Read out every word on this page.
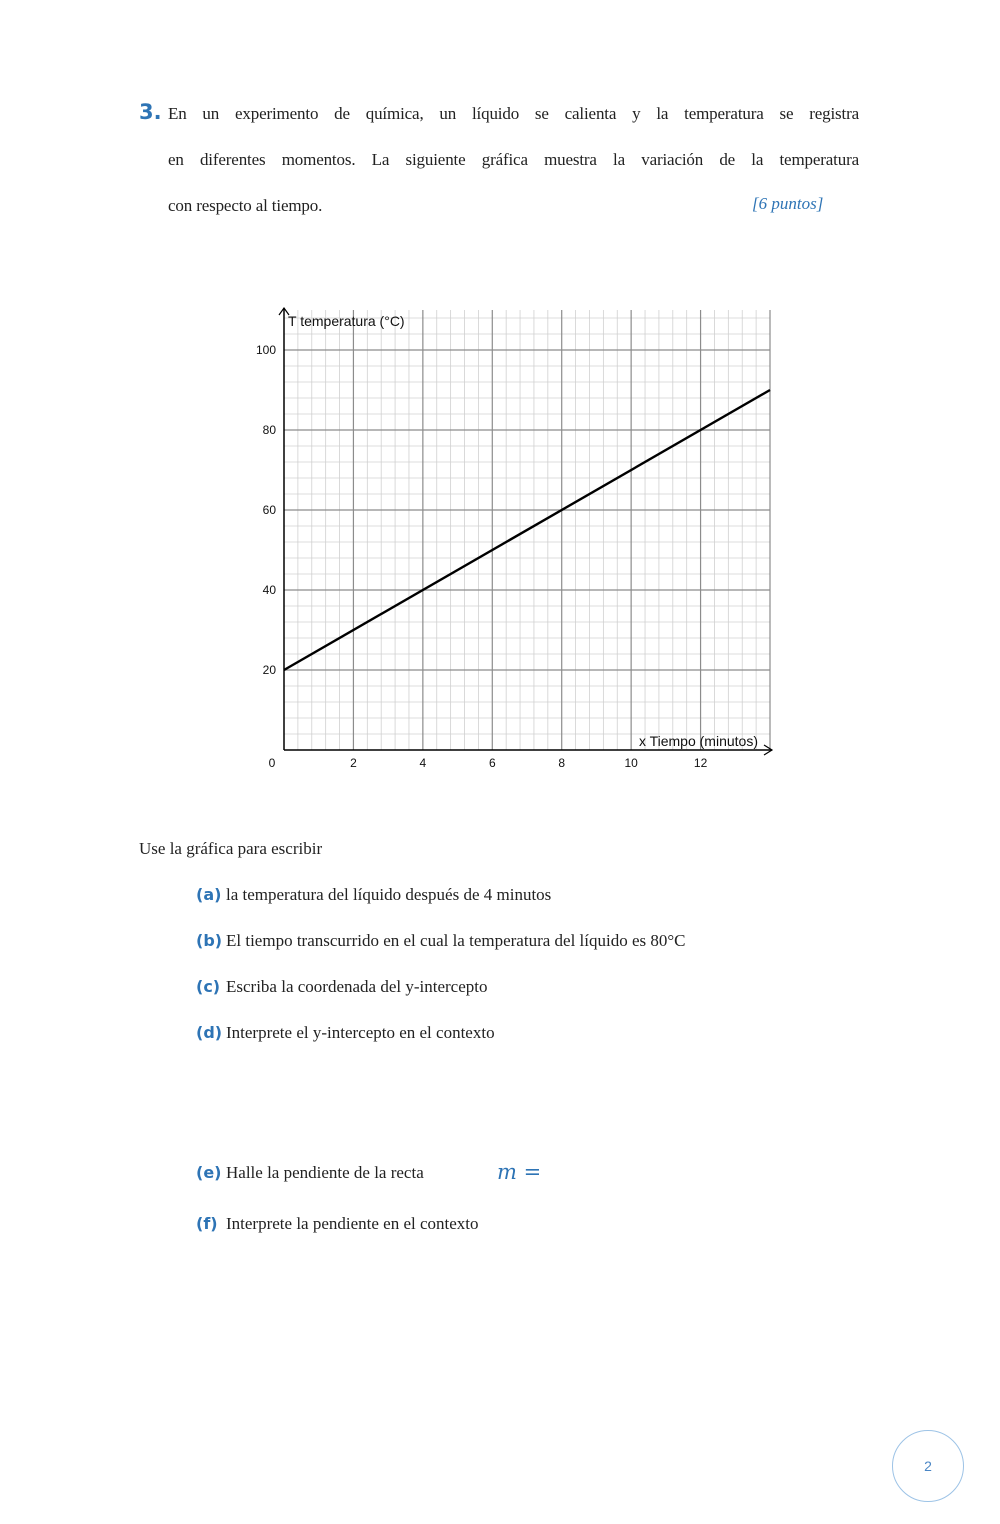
3. En un experimento de química, un líquido se calienta y la temperatura se registra
en diferentes momentos. La siguiente gráfica muestra la variación de la temperatura
con respecto al tiempo.	[6 puntos]
0	2	4	6	8	10	12
20
40
60
80
100
T temperatura (°C)
x Tiempo (minutos)
Use la gráfica para escribir
(a) la temperatura del líquido después de 4 minutos
(b) El tiempo transcurrido en el cual la temperatura del líquido es 80°C
(c) Escriba la coordenada del y-intercepto
(d) Interprete el y-intercepto en el contexto
(e) Halle la pendiente de la recta	m =
(f) Interprete la pendiente en el contexto
2
